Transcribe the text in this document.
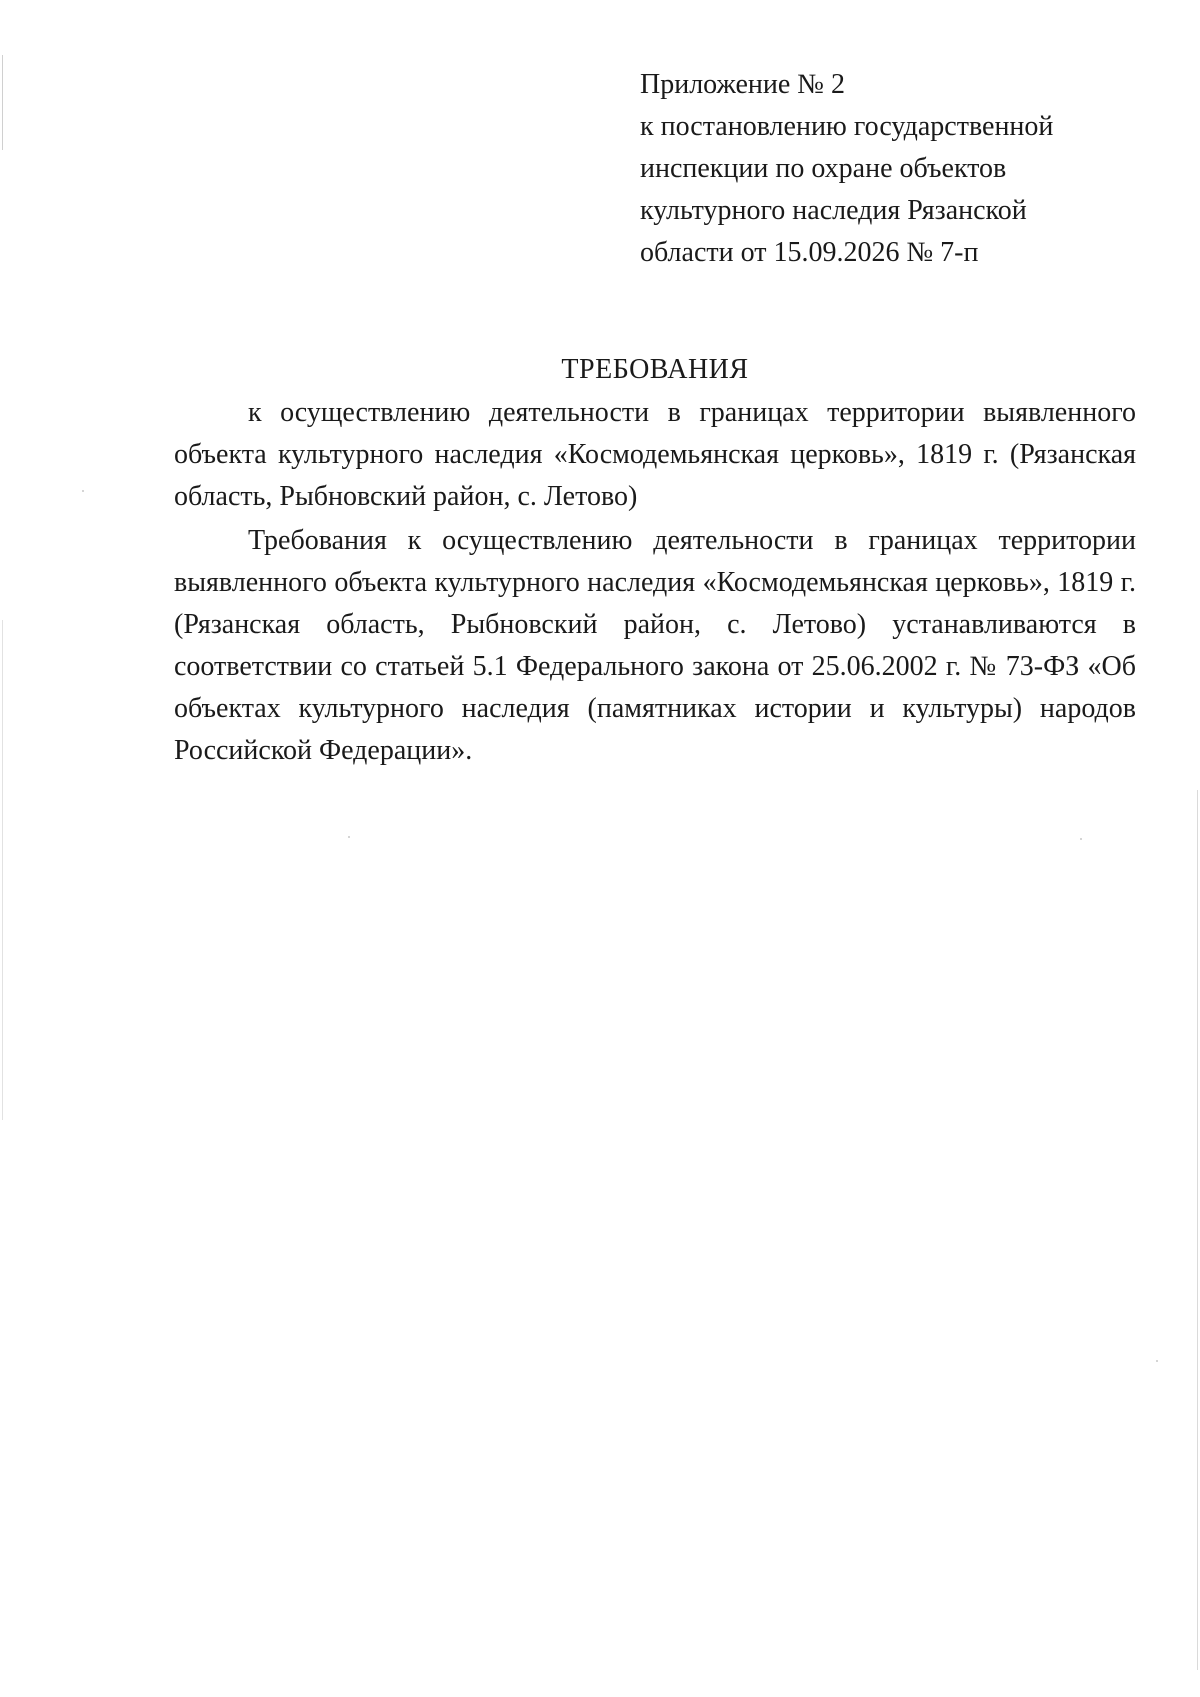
Приложение № 2
к постановлению государственной
инспекции по охране объектов
культурного наследия Рязанской
области от 15.09.2026 № 7-п
ТРЕБОВАНИЯ
к осуществлению деятельности в границах территории выявленного объекта культурного наследия «Космодемьянская церковь», 1819 г. (Рязанская область, Рыбновский район, с. Летово)
Требования к осуществлению деятельности в границах территории выявленного объекта культурного наследия «Космодемьянская церковь», 1819 г. (Рязанская область, Рыбновский район, с. Летово) устанавливаются в соответствии со статьей 5.1 Федерального закона от 25.06.2002 г. № 73-ФЗ «Об объектах культурного наследия (памятниках истории и культуры) народов Российской Федерации».
